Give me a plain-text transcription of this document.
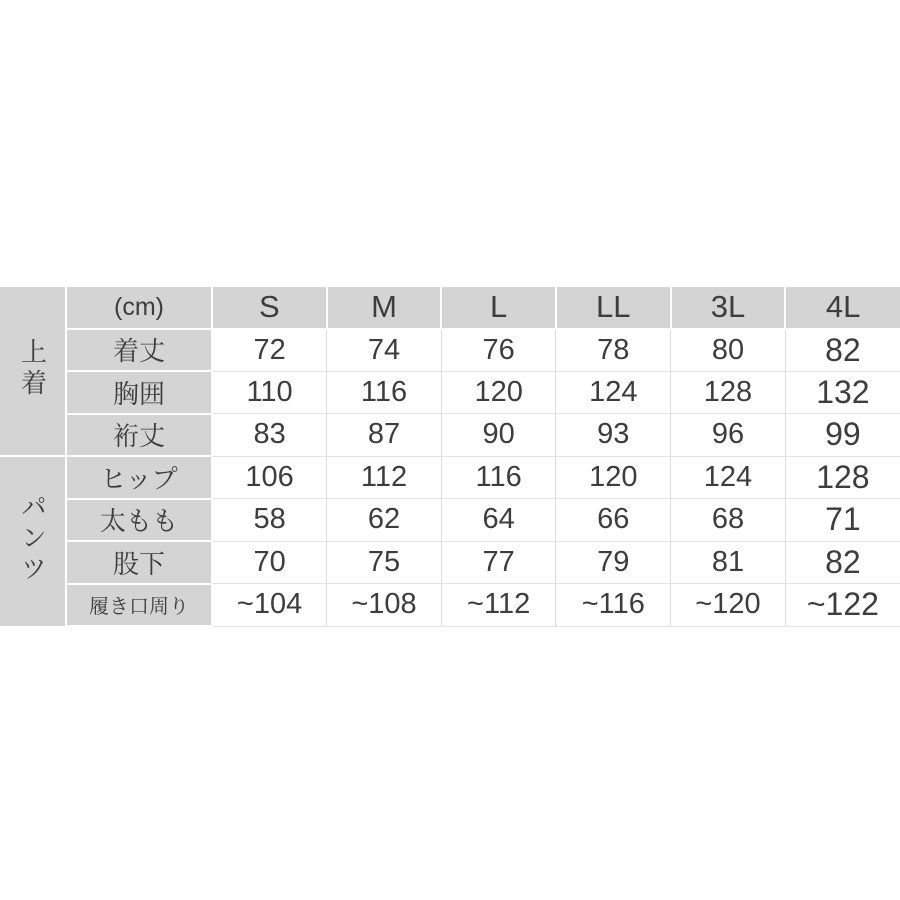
上着	(cm)	S	M	L	LL	3L	4L
	着丈	72	74	76	78	80	82
	胸囲	110	116	120	124	128	132
	裄丈	83	87	90	93	96	99
パンツ	ヒップ	106	112	116	120	124	128
	太もも	58	62	64	66	68	71
	股下	70	75	77	79	81	82
	履き口周り	~104	~108	~112	~116	~120	~122
